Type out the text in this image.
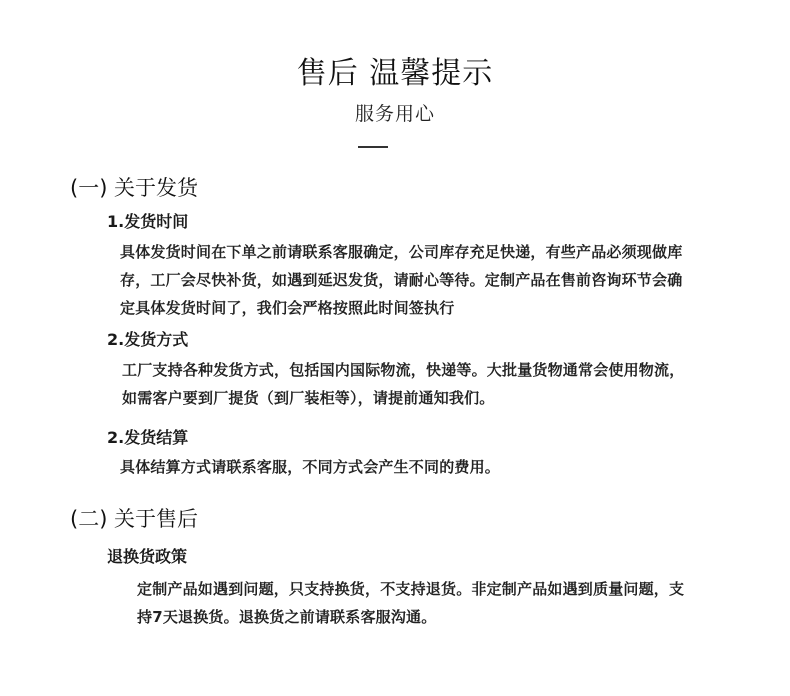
售后 温馨提示
服务用心
(一) 关于发货
1.发货时间
具体发货时间在下单之前请联系客服确定，公司库存充足快递，有些产品必须现做库存，工厂会尽快补货，如遇到延迟发货，请耐心等待。定制产品在售前咨询环节会确定具体发货时间了，我们会严格按照此时间签执行
2.发货方式
工厂支持各种发货方式，包括国内国际物流，快递等。大批量货物通常会使用物流，如需客户要到厂提货（到厂装柜等），请提前通知我们。
2.发货结算
具体结算方式请联系客服，不同方式会产生不同的费用。
(二) 关于售后
退换货政策
定制产品如遇到问题，只支持换货，不支持退货。非定制产品如遇到质量问题，支持7天退换货。退换货之前请联系客服沟通。
